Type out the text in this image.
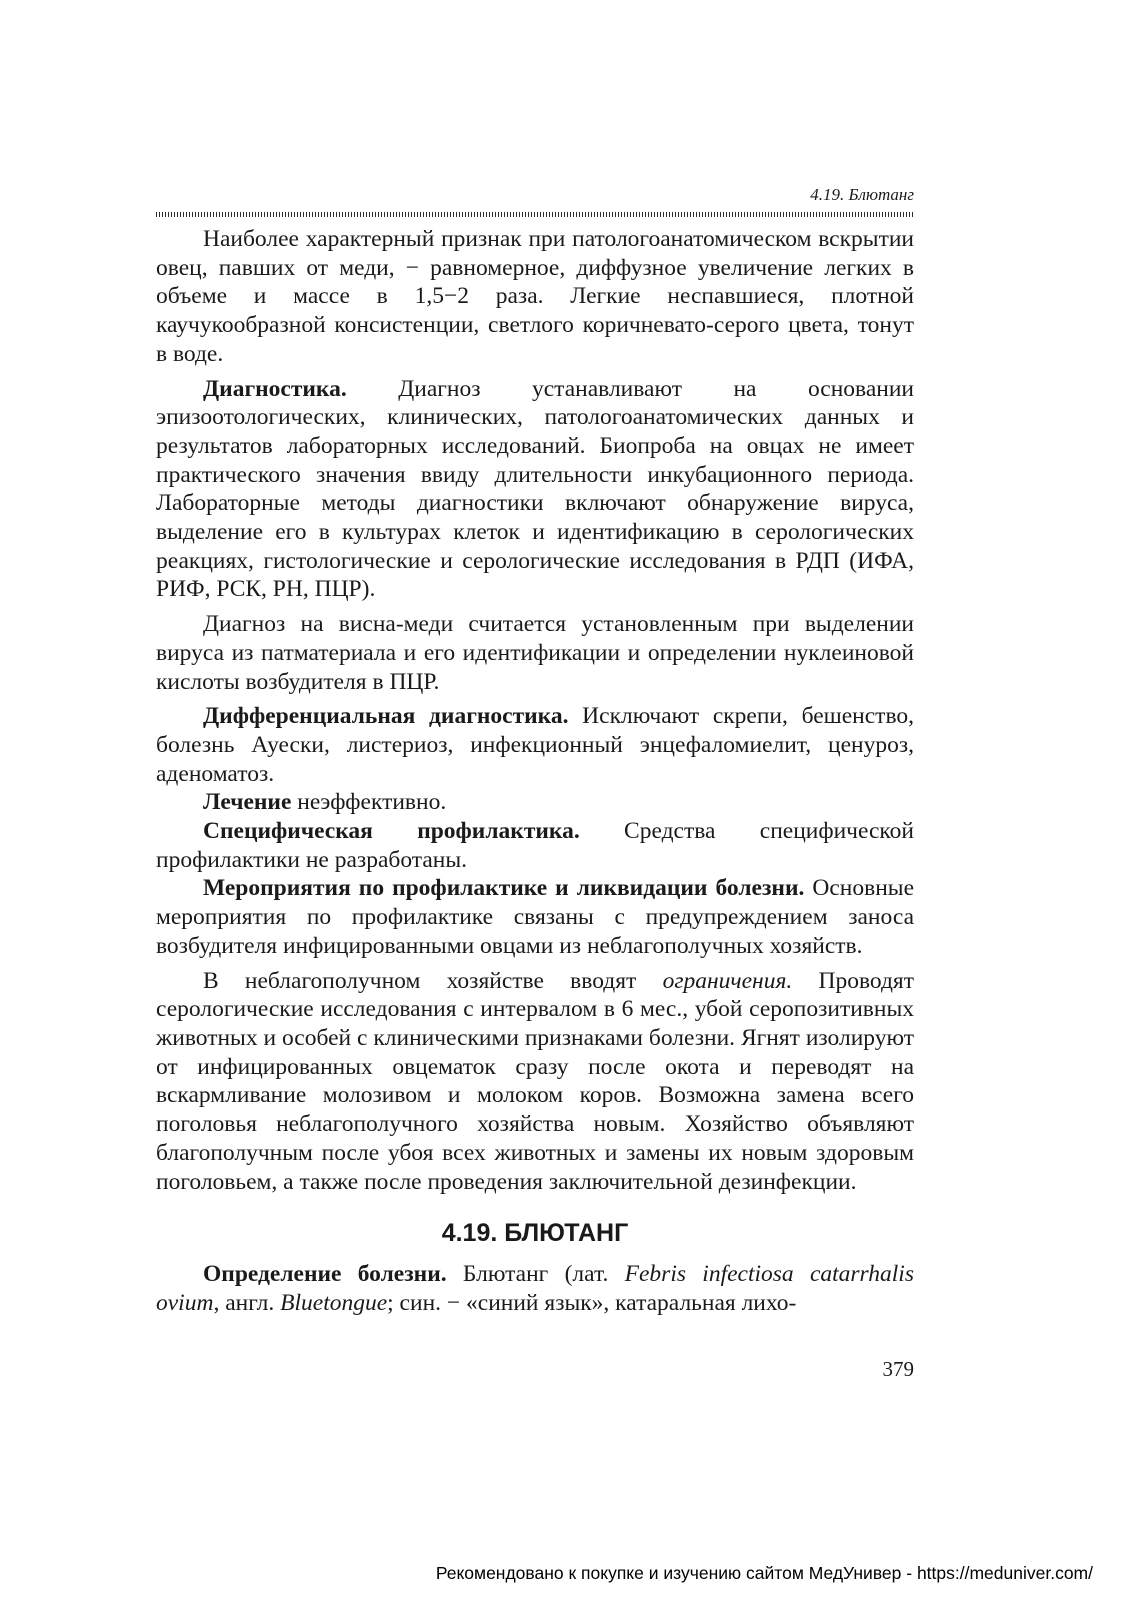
4.19. Блютанг

Наиболее характерный признак при патологоанатомическом вскрытии овец, павших от меди, − равномерное, диффузное увеличение легких в объеме и массе в 1,5−2 раза. Легкие неспавшиеся, плотной каучукообразной консистенции, светлого коричневато-серого цвета, тонут в воде.

Диагностика. Диагноз устанавливают на основании эпизоотологических, клинических, патологоанатомических данных и результатов лабораторных исследований. Биопроба на овцах не имеет практического значения ввиду длительности инкубационного периода. Лабораторные методы диагностики включают обнаружение вируса, выделение его в культурах клеток и идентификацию в серологических реакциях, гистологические и серологические исследования в РДП (ИФА, РИФ, РСК, РН, ПЦР).

Диагноз на висна-меди считается установленным при выделении вируса из патматериала и его идентификации и определении нуклеиновой кислоты возбудителя в ПЦР.

Дифференциальная диагностика. Исключают скрепи, бешенство, болезнь Ауески, листериоз, инфекционный энцефаломиелит, ценуроз, аденоматоз.

Лечение неэффективно.

Специфическая профилактика. Средства специфической профилактики не разработаны.

Мероприятия по профилактике и ликвидации болезни. Основные мероприятия по профилактике связаны с предупреждением заноса возбудителя инфицированными овцами из неблагополучных хозяйств.

В неблагополучном хозяйстве вводят ограничения. Проводят серологические исследования с интервалом в 6 мес., убой серопозитивных животных и особей с клиническими признаками болезни. Ягнят изолируют от инфицированных овцематок сразу после окота и переводят на вскармливание молозивом и молоком коров. Возможна замена всего поголовья неблагополучного хозяйства новым. Хозяйство объявляют благополучным после убоя всех животных и замены их новым здоровым поголовьем, а также после проведения заключительной дезинфекции.

4.19. БЛЮТАНГ

Определение болезни. Блютанг (лат. Febris infectiosa catarrhalis ovium, англ. Bluetongue; син. − «синий язык», катаральная лихо-

379
Рекомендовано к покупке и изучению сайтом МедУнивер - https://meduniver.com/
